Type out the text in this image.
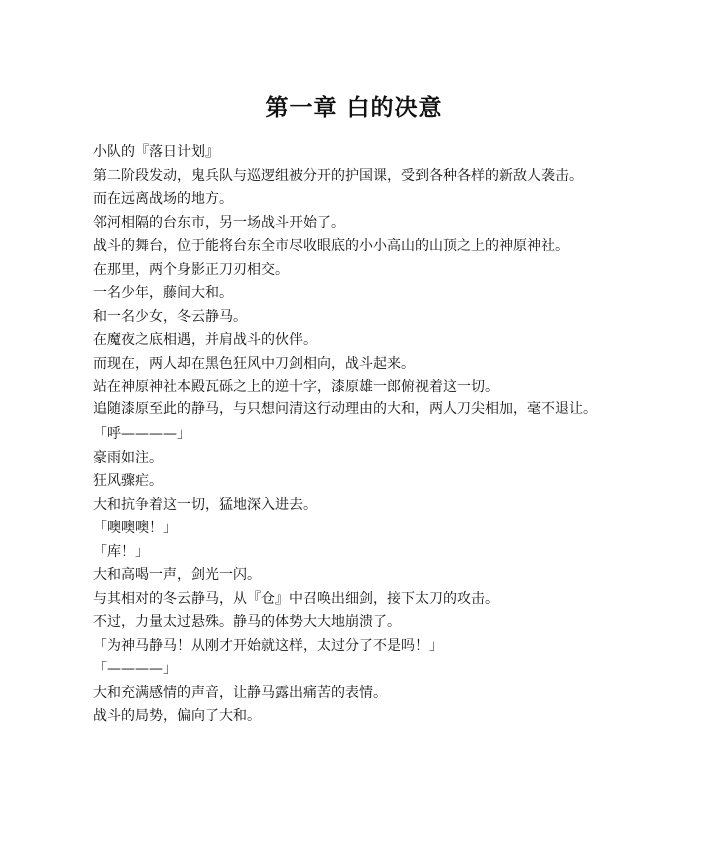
第一章 白的决意

小队的『落日计划』

第二阶段发动，鬼兵队与巡逻组被分开的护国课，受到各种各样的新敌人袭击。

而在远离战场的地方。

邻河相隔的台东市，另一场战斗开始了。

战斗的舞台，位于能将台东全市尽收眼底的小小高山的山顶之上的神原神社。

在那里，两个身影正刀刃相交。

一名少年，藤间大和。

和一名少女，冬云静马。

在魔夜之底相遇，并肩战斗的伙伴。

而现在，两人却在黑色狂风中刀剑相向，战斗起来。

站在神原神社本殿瓦砾之上的逆十字，漆原雄一郎俯视着这一切。

追随漆原至此的静马，与只想问清这行动理由的大和，两人刀尖相加，毫不退让。

「呼————」

豪雨如注。

狂风骤疟。

大和抗争着这一切，猛地深入进去。

「噢噢噢！」

「库！」

大和高喝一声，剑光一闪。

与其相对的冬云静马，从『仓』中召唤出细剑，接下太刀的攻击。

不过，力量太过悬殊。静马的体势大大地崩溃了。

「为神马静马！从刚才开始就这样，太过分了不是吗！」

「————」

大和充满感情的声音，让静马露出痛苦的表情。

战斗的局势，偏向了大和。
